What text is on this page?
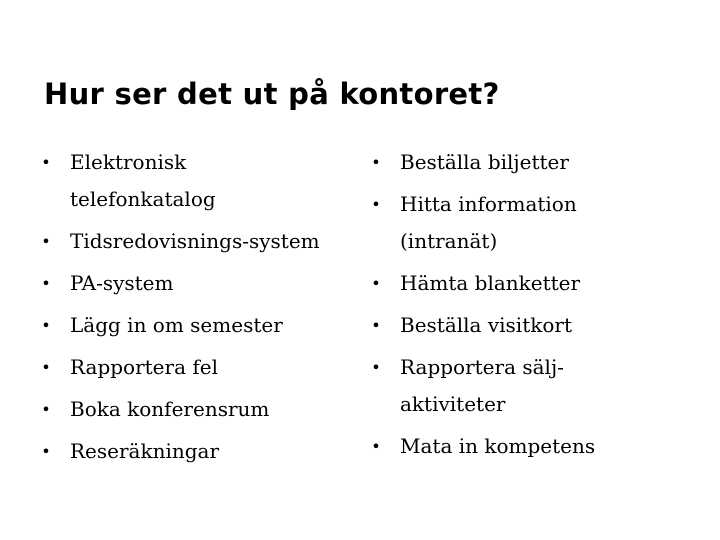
Hur ser det ut på kontoret?
• Elektronisk telefonkatalog
• Tidsredovisnings-system
• PA-system
• Lägg in om semester
• Rapportera fel
• Boka konferensrum
• Reseräkningar
• Beställa biljetter
• Hitta information (intranät)
• Hämta blanketter
• Beställa visitkort
• Rapportera sälj-aktiviteter
• Mata in kompetens
